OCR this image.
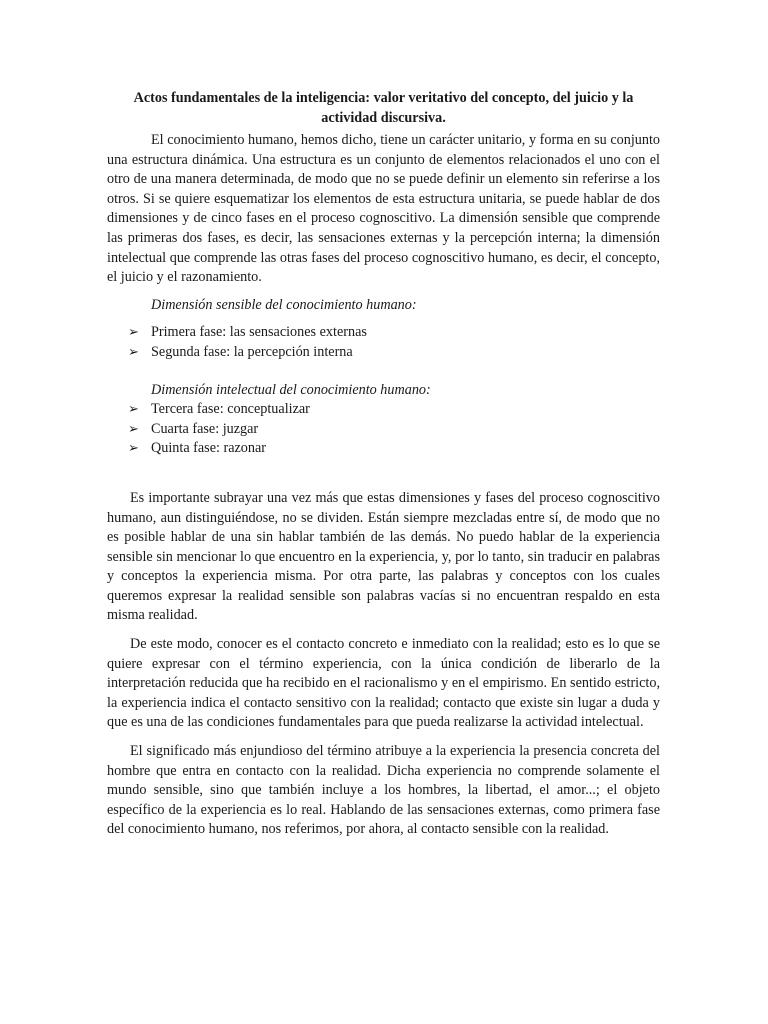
Actos fundamentales de la inteligencia: valor veritativo del concepto, del juicio y la actividad discursiva.

El conocimiento humano, hemos dicho, tiene un carácter unitario, y forma en su conjunto una estructura dinámica. Una estructura es un conjunto de elementos relacionados el uno con el otro de una manera determinada, de modo que no se puede definir un elemento sin referirse a los otros. Si se quiere esquematizar los elementos de esta estructura unitaria, se puede hablar de dos dimensiones y de cinco fases en el proceso cognoscitivo. La dimensión sensible que comprende las primeras dos fases, es decir, las sensaciones externas y la percepción interna; la dimensión intelectual que comprende las otras fases del proceso cognoscitivo humano, es decir, el concepto, el juicio y el razonamiento.

Dimensión sensible del conocimiento humano:
➢ Primera fase: las sensaciones externas
➢ Segunda fase: la percepción interna
Dimensión intelectual del conocimiento humano:
➢ Tercera fase: conceptualizar
➢ Cuarta fase: juzgar
➢ Quinta fase: razonar

Es importante subrayar una vez más que estas dimensiones y fases del proceso cognoscitivo humano, aun distinguiéndose, no se dividen. Están siempre mezcladas entre sí, de modo que no es posible hablar de una sin hablar también de las demás. No puedo hablar de la experiencia sensible sin mencionar lo que encuentro en la experiencia, y, por lo tanto, sin traducir en palabras y conceptos la experiencia misma. Por otra parte, las palabras y conceptos con los cuales queremos expresar la realidad sensible son palabras vacías si no encuentran respaldo en esta misma realidad.

De este modo, conocer es el contacto concreto e inmediato con la realidad; esto es lo que se quiere expresar con el término experiencia, con la única condición de liberarlo de la interpretación reducida que ha recibido en el racionalismo y en el empirismo. En sentido estricto, la experiencia indica el contacto sensitivo con la realidad; contacto que existe sin lugar a duda y que es una de las condiciones fundamentales para que pueda realizarse la actividad intelectual.

El significado más enjundioso del término atribuye a la experiencia la presencia concreta del hombre que entra en contacto con la realidad. Dicha experiencia no comprende solamente el mundo sensible, sino que también incluye a los hombres, la libertad, el amor...; el objeto específico de la experiencia es lo real. Hablando de las sensaciones externas, como primera fase del conocimiento humano, nos referimos, por ahora, al contacto sensible con la realidad.
